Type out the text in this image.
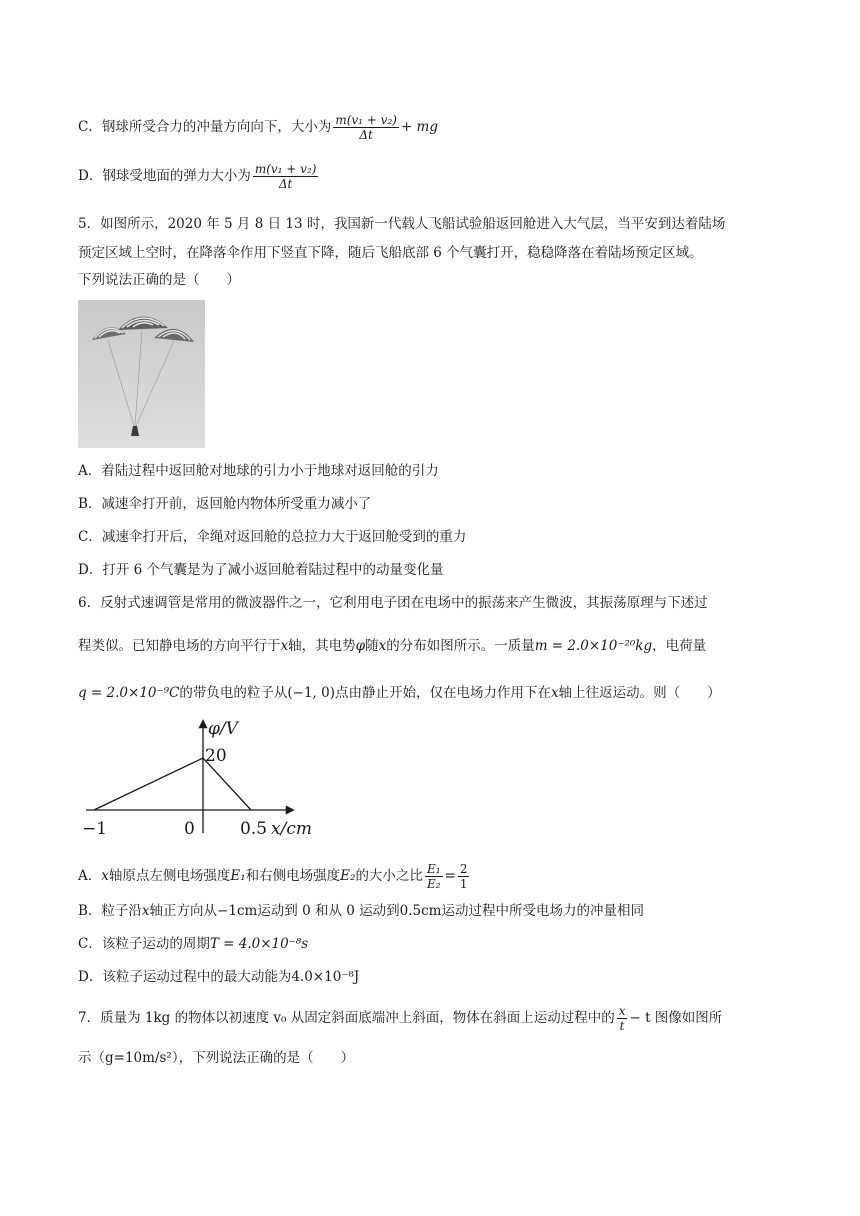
C．钢球所受合力的冲量方向向下，大小为 $\frac{\text{m(v₁ + v₂)}}{\Delta t}$ + mg
D．钢球受地面的弹力大小为 $\frac{\text{m(v₁ + v₂)}}{\Delta t}$
5．如图所示，2020 年 5 月 8 日 13 时，我国新一代载人飞船试验船返回舱进入大气层，当平安到达着陆场
预定区域上空时，在降落伞作用下竖直下降，随后飞船底部 6 个气囊打开，稳稳降落在着陆场预定区域。
下列说法正确的是（　　）
A．着陆过程中返回舱对地球的引力小于地球对返回舱的引力
B．减速伞打开前，返回舱内物体所受重力减小了
C．减速伞打开后，伞绳对返回舱的总拉力大于返回舱受到的重力
D．打开 6 个气囊是为了减小返回舱着陆过程中的动量变化量
6．反射式速调管是常用的微波器件之一，它利用电子团在电场中的振荡来产生微波，其振荡原理与下述过
程类似。已知静电场的方向平行于x轴，其电势φ随x的分布如图所示。一质量m = 2.0×10⁻²⁰kg，电荷量
q = 2.0×10⁻⁹C的带负电的粒子从(−1, 0)点由静止开始，仅在电场力作用下在x轴上往返运动。则（　　）
φ/V
20
−1	0	0.5 x/cm
A．x轴原点左侧电场强度E₁和右侧电场强度E₂的大小之比 $\frac{\text{E₁}}{\text{E₂}} = \frac{2}{1}$
B．粒子沿x轴正方向从−1cm运动到 0 和从 0 运动到0.5cm运动过程中所受电场力的冲量相同
C．该粒子运动的周期T = 4.0×10⁻⁸s
D．该粒子运动过程中的最大动能为4.0×10⁻⁸J
7．质量为 1kg 的物体以初速度 v₀ 从固定斜面底端冲上斜面，物体在斜面上运动过程中的 $\frac{x}{t} - t$ 图像如图所
示（g=10m/s²），下列说法正确的是（　　）
